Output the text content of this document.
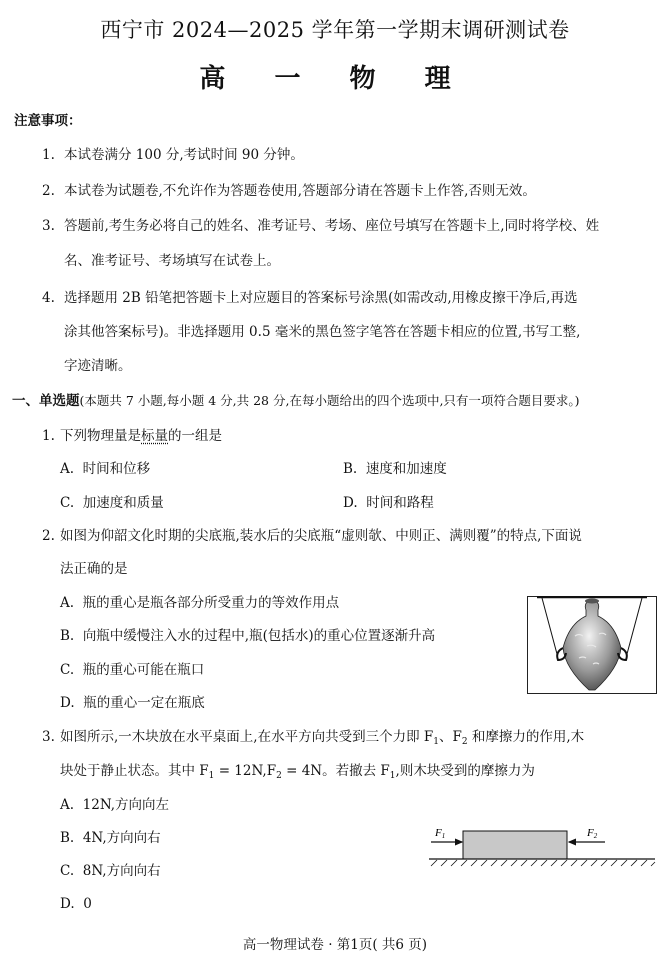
西宁市 2024—2025 学年第一学期末调研测试卷
高 一 物 理
注意事项：
1. 本试卷满分 100 分,考试时间 90 分钟。
2. 本试卷为试题卷,不允许作为答题卷使用,答题部分请在答题卡上作答,否则无效。
3. 答题前,考生务必将自己的姓名、准考证号、考场、座位号填写在答题卡上,同时将学校、姓
名、准考证号、考场填写在试卷上。
4. 选择题用 2B 铅笔把答题卡上对应题目的答案标号涂黑(如需改动,用橡皮擦干净后,再选
涂其他答案标号)。非选择题用 0.5 毫米的黑色签字笔答在答题卡相应的位置,书写工整,
字迹清晰。
一、单选题(本题共 7 小题,每小题 4 分,共 28 分,在每小题给出的四个选项中,只有一项符合题目要求。)
1. 下列物理量是标量的一组是
A. 时间和位移	B. 速度和加速度
C. 加速度和质量	D. 时间和路程
2. 如图为仰韶文化时期的尖底瓶,装水后的尖底瓶“虚则欹、中则正、满则覆”的特点,下面说
法正确的是
A. 瓶的重心是瓶各部分所受重力的等效作用点
B. 向瓶中缓慢注入水的过程中,瓶(包括水)的重心位置逐渐升高
C. 瓶的重心可能在瓶口
D. 瓶的重心一定在瓶底
3. 如图所示,一木块放在水平桌面上,在水平方向共受到三个力即 $F_1$、$F_2$ 和摩擦力的作用,木
块处于静止状态。其中 $F_1 = 12N,F_2 = 4N$。若撤去 $F_1$,则木块受到的摩擦力为
A. 12N,方向向左
B. 4N,方向向右
C. 8N,方向向右
D. 0
F1	F2
高一物理试卷 · 第1页( 共6 页)
